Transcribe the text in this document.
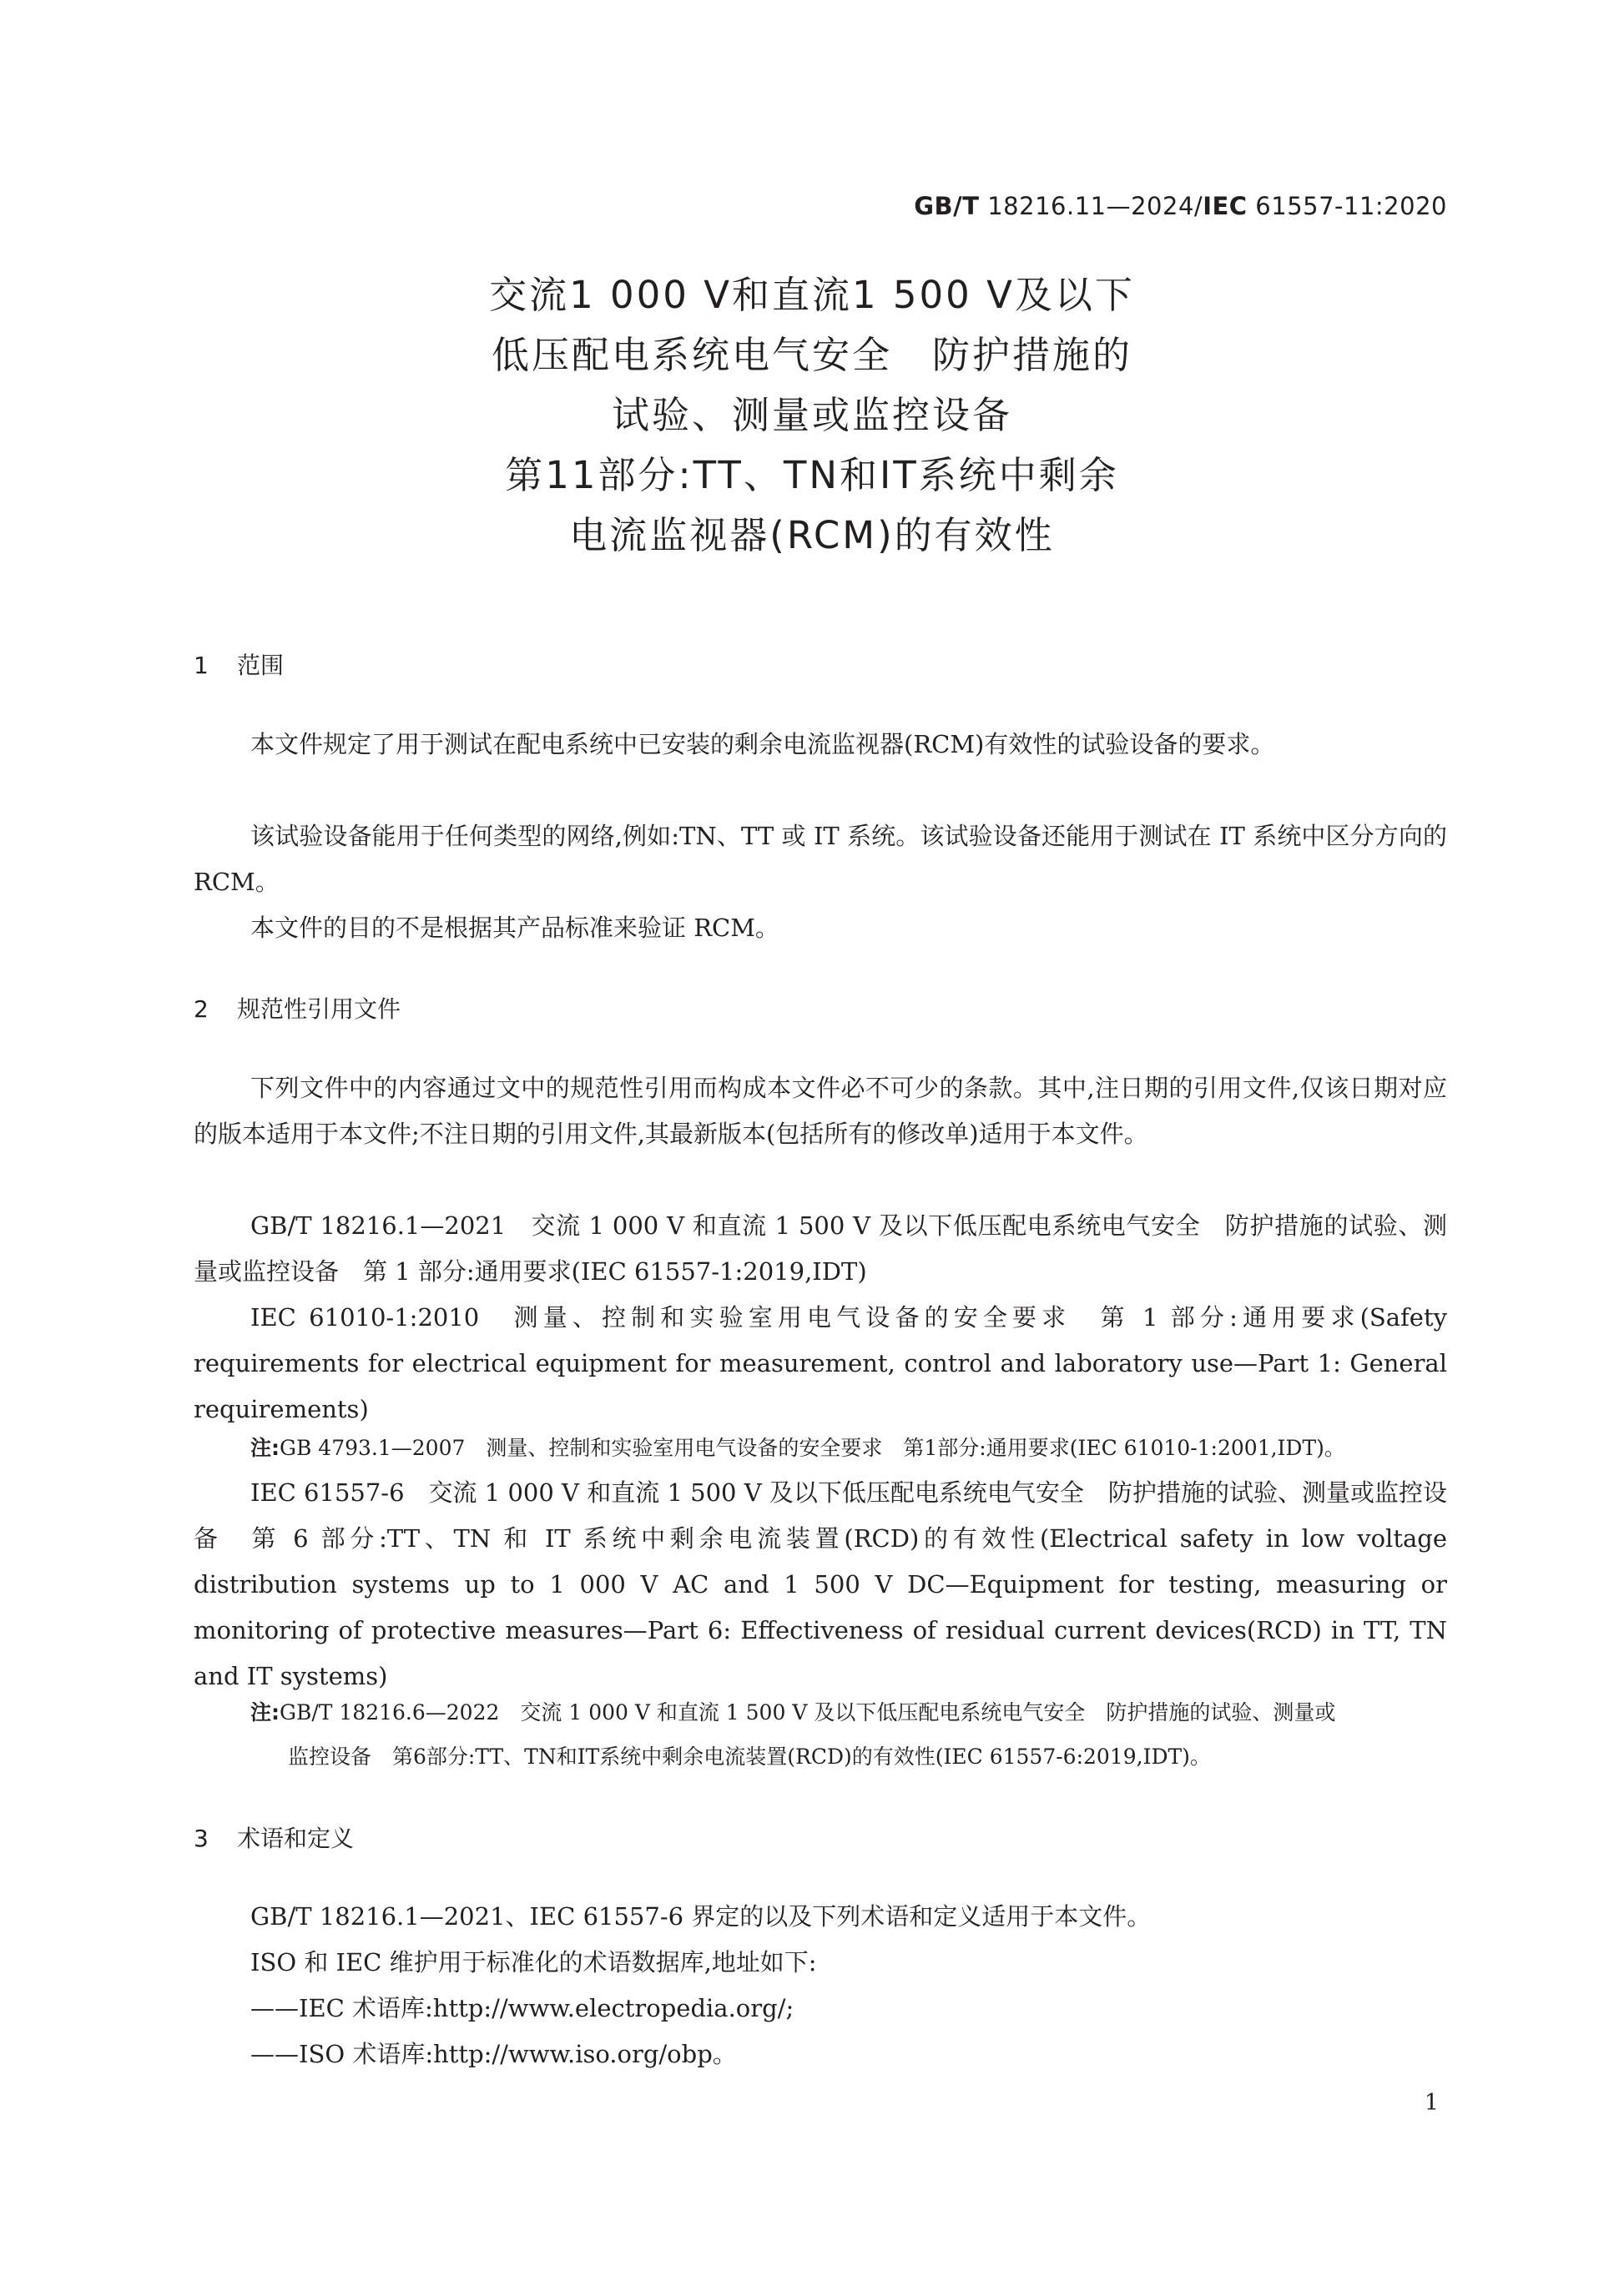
GB/T 18216.11—2024/IEC 61557-11:2020
交流1 000 V和直流1 500 V及以下
低压配电系统电气安全　防护措施的
试验、测量或监控设备
第11部分:TT、TN和IT系统中剩余
电流监视器(RCM)的有效性
1 范围
本文件规定了用于测试在配电系统中已安装的剩余电流监视器(RCM)有效性的试验设备的要求。
该试验设备能用于任何类型的网络,例如:TN、TT 或 IT 系统。该试验设备还能用于测试在 IT 系统中区分方向的 RCM。
本文件的目的不是根据其产品标准来验证 RCM。
2 规范性引用文件
下列文件中的内容通过文中的规范性引用而构成本文件必不可少的条款。其中,注日期的引用文件,仅该日期对应的版本适用于本文件;不注日期的引用文件,其最新版本(包括所有的修改单)适用于本文件。
GB/T 18216.1—2021　交流 1 000 V 和直流 1 500 V 及以下低压配电系统电气安全　防护措施的试验、测量或监控设备　第 1 部分:通用要求(IEC 61557-1:2019,IDT)
IEC 61010-1:2010　测量、控制和实验室用电气设备的安全要求　第 1 部分:通用要求(Safety requirements for electrical equipment for measurement, control and laboratory use—Part 1: General requirements)
注:GB 4793.1—2007　测量、控制和实验室用电气设备的安全要求　第1部分:通用要求(IEC 61010-1:2001,IDT)。
IEC 61557-6　交流 1 000 V 和直流 1 500 V 及以下低压配电系统电气安全　防护措施的试验、测量或监控设备　第 6 部分:TT、TN 和 IT 系统中剩余电流装置(RCD)的有效性(Electrical safety in low voltage distribution systems up to 1 000 V AC and 1 500 V DC—Equipment for testing, measuring or monitoring of protective measures—Part 6: Effectiveness of residual current devices(RCD) in TT, TN and IT systems)
注:GB/T 18216.6—2022　交流 1 000 V 和直流 1 500 V 及以下低压配电系统电气安全　防护措施的试验、测量或
监控设备　第6部分:TT、TN和IT系统中剩余电流装置(RCD)的有效性(IEC 61557-6:2019,IDT)。
3 术语和定义
GB/T 18216.1—2021、IEC 61557-6 界定的以及下列术语和定义适用于本文件。
ISO 和 IEC 维护用于标准化的术语数据库,地址如下:
——IEC 术语库:http://www.electropedia.org/;
——ISO 术语库:http://www.iso.org/obp。
1
